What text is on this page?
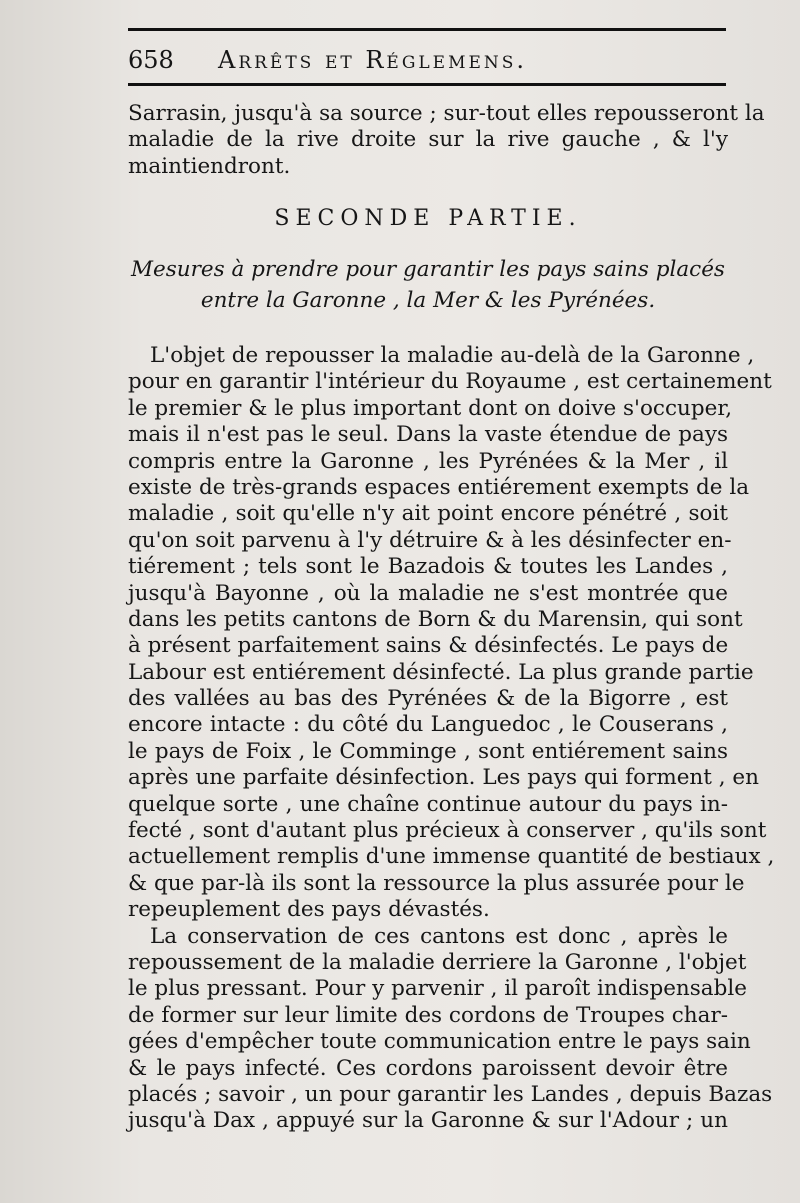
658 Arrêts et Réglemens.
Sarrasin, jusqu'à sa source ; sur-tout elles repousseront la
maladie de la rive droite sur la rive gauche , & l'y
maintiendront.
SECONDE PARTIE.
Mesures à prendre pour garantir les pays sains placés
entre la Garonne , la Mer & les Pyrénées.
L'objet de repousser la maladie au-delà de la Garonne ,
pour en garantir l'intérieur du Royaume , est certainement
le premier & le plus important dont on doive s'occuper,
mais il n'est pas le seul. Dans la vaste étendue de pays
compris entre la Garonne , les Pyrénées & la Mer , il
existe de très-grands espaces entiérement exempts de la
maladie , soit qu'elle n'y ait point encore pénétré , soit
qu'on soit parvenu à l'y détruire & à les désinfecter en-
tiérement ; tels sont le Bazadois & toutes les Landes ,
jusqu'à Bayonne , où la maladie ne s'est montrée que
dans les petits cantons de Born & du Marensin, qui sont
à présent parfaitement sains & désinfectés. Le pays de
Labour est entiérement désinfecté. La plus grande partie
des vallées au bas des Pyrénées & de la Bigorre , est
encore intacte : du côté du Languedoc , le Couserans ,
le pays de Foix , le Comminge , sont entiérement sains
après une parfaite désinfection. Les pays qui forment , en
quelque sorte , une chaîne continue autour du pays in-
fecté , sont d'autant plus précieux à conserver , qu'ils sont
actuellement remplis d'une immense quantité de bestiaux ,
& que par-là ils sont la ressource la plus assurée pour le
repeuplement des pays dévastés.
La conservation de ces cantons est donc , après le
repoussement de la maladie derriere la Garonne , l'objet
le plus pressant. Pour y parvenir , il paroît indispensable
de former sur leur limite des cordons de Troupes char-
gées d'empêcher toute communication entre le pays sain
& le pays infecté. Ces cordons paroissent devoir être
placés ; savoir , un pour garantir les Landes , depuis Bazas
jusqu'à Dax , appuyé sur la Garonne & sur l'Adour ; un
